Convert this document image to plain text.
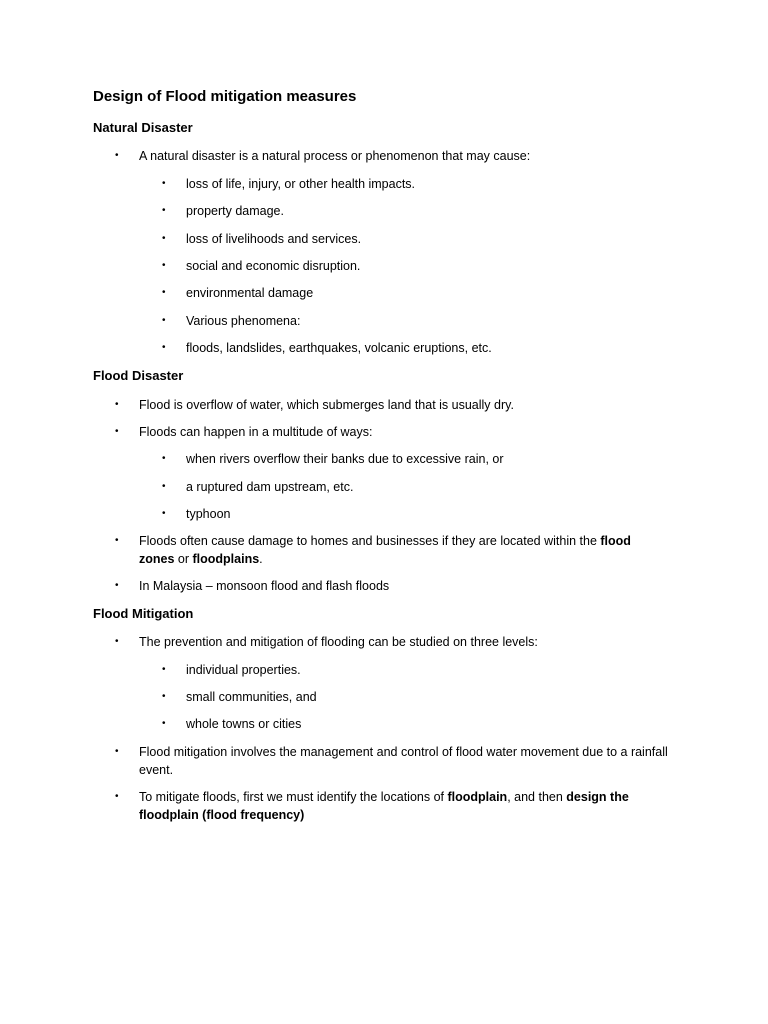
Design of Flood mitigation measures
Natural Disaster
• A natural disaster is a natural process or phenomenon that may cause:
• loss of life, injury, or other health impacts.
• property damage.
• loss of livelihoods and services.
• social and economic disruption.
• environmental damage
• Various phenomena:
• floods, landslides, earthquakes, volcanic eruptions, etc.
Flood Disaster
• Flood is overflow of water, which submerges land that is usually dry.
• Floods can happen in a multitude of ways:
• when rivers overflow their banks due to excessive rain, or
• a ruptured dam upstream, etc.
• typhoon
• Floods often cause damage to homes and businesses if they are located within the flood zones or floodplains.
• In Malaysia – monsoon flood and flash floods
Flood Mitigation
• The prevention and mitigation of flooding can be studied on three levels:
• individual properties.
• small communities, and
• whole towns or cities
• Flood mitigation involves the management and control of flood water movement due to a rainfall event.
• To mitigate floods, first we must identify the locations of floodplain, and then design the floodplain (flood frequency)
